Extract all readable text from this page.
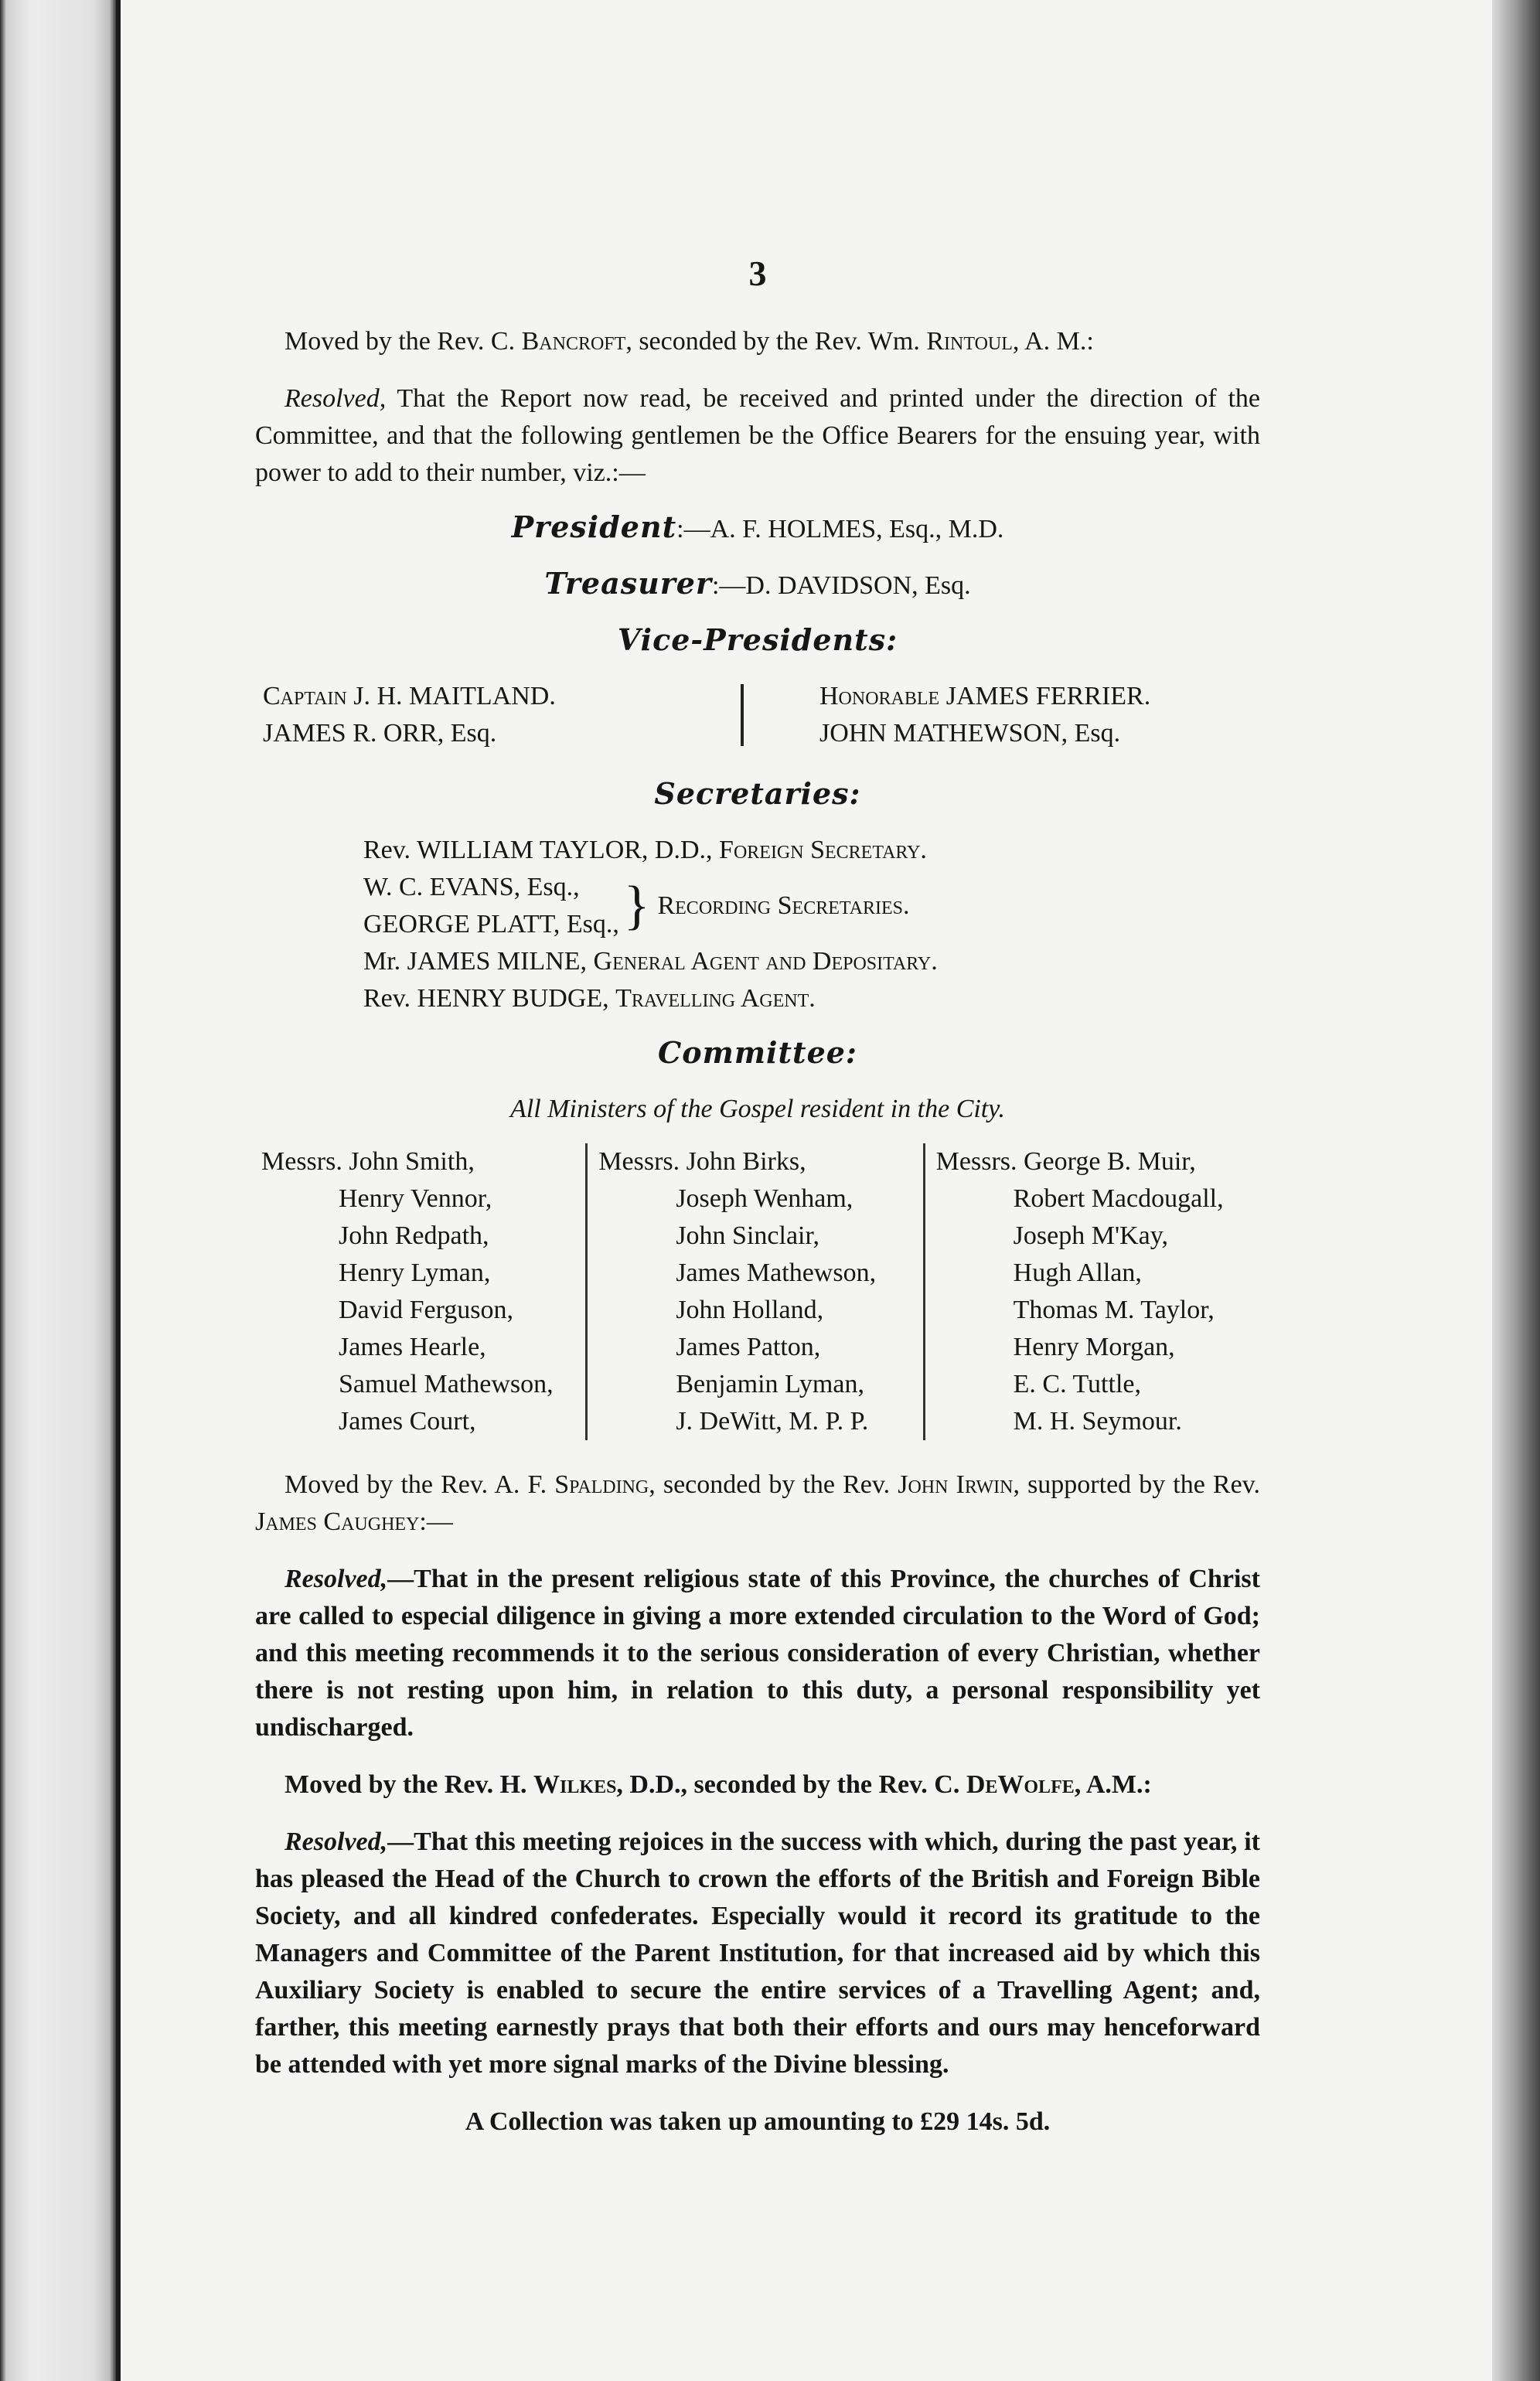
3

Moved by the Rev. C. Bancroft, seconded by the Rev. Wm. Rintoul, A. M.:

Resolved, That the Report now read, be received and printed under the direction of the Committee, and that the following gentlemen be the Office Bearers for the ensuing year, with power to add to their number, viz.:—

President:—A. F. HOLMES, Esq., M.D.
Treasurer:—D. DAVIDSON, Esq.
Vice-Presidents:
Captain J. H. MAITLAND.
JAMES R. ORR, Esq.
Honorable JAMES FERRIER.
JOHN MATHEWSON, Esq.
Secretaries:
Rev. WILLIAM TAYLOR, D.D., Foreign Secretary.
W. C. EVANS, Esq.,
GEORGE PLATT, Esq., } Recording Secretaries.
Mr. JAMES MILNE, General Agent and Depositary.
Rev. HENRY BUDGE, Travelling Agent.
Committee:
All Ministers of the Gospel resident in the City.
Messrs. John Smith,
Henry Vennor,
John Redpath,
Henry Lyman,
David Ferguson,
James Hearle,
Samuel Mathewson,
James Court,
Messrs. John Birks,
Joseph Wenham,
John Sinclair,
James Mathewson,
John Holland,
James Patton,
Benjamin Lyman,
J. DeWitt, M. P. P.
Messrs. George B. Muir,
Robert Macdougall,
Joseph M'Kay,
Hugh Allan,
Thomas M. Taylor,
Henry Morgan,
E. C. Tuttle,
M. H. Seymour.

Moved by the Rev. A. F. Spalding, seconded by the Rev. John Irwin, supported by the Rev. James Caughey:—

Resolved,—That in the present religious state of this Province, the churches of Christ are called to especial diligence in giving a more extended circulation to the Word of God; and this meeting recommends it to the serious consideration of every Christian, whether there is not resting upon him, in relation to this duty, a personal responsibility yet undischarged.

Moved by the Rev. H. Wilkes, D.D., seconded by the Rev. C. DeWolfe, A.M.:

Resolved,—That this meeting rejoices in the success with which, during the past year, it has pleased the Head of the Church to crown the efforts of the British and Foreign Bible Society, and all kindred confederates. Especially would it record its gratitude to the Managers and Committee of the Parent Institution, for that increased aid by which this Auxiliary Society is enabled to secure the entire services of a Travelling Agent; and, farther, this meeting earnestly prays that both their efforts and ours may henceforward be attended with yet more signal marks of the Divine blessing.

A Collection was taken up amounting to £29 14s. 5d.
